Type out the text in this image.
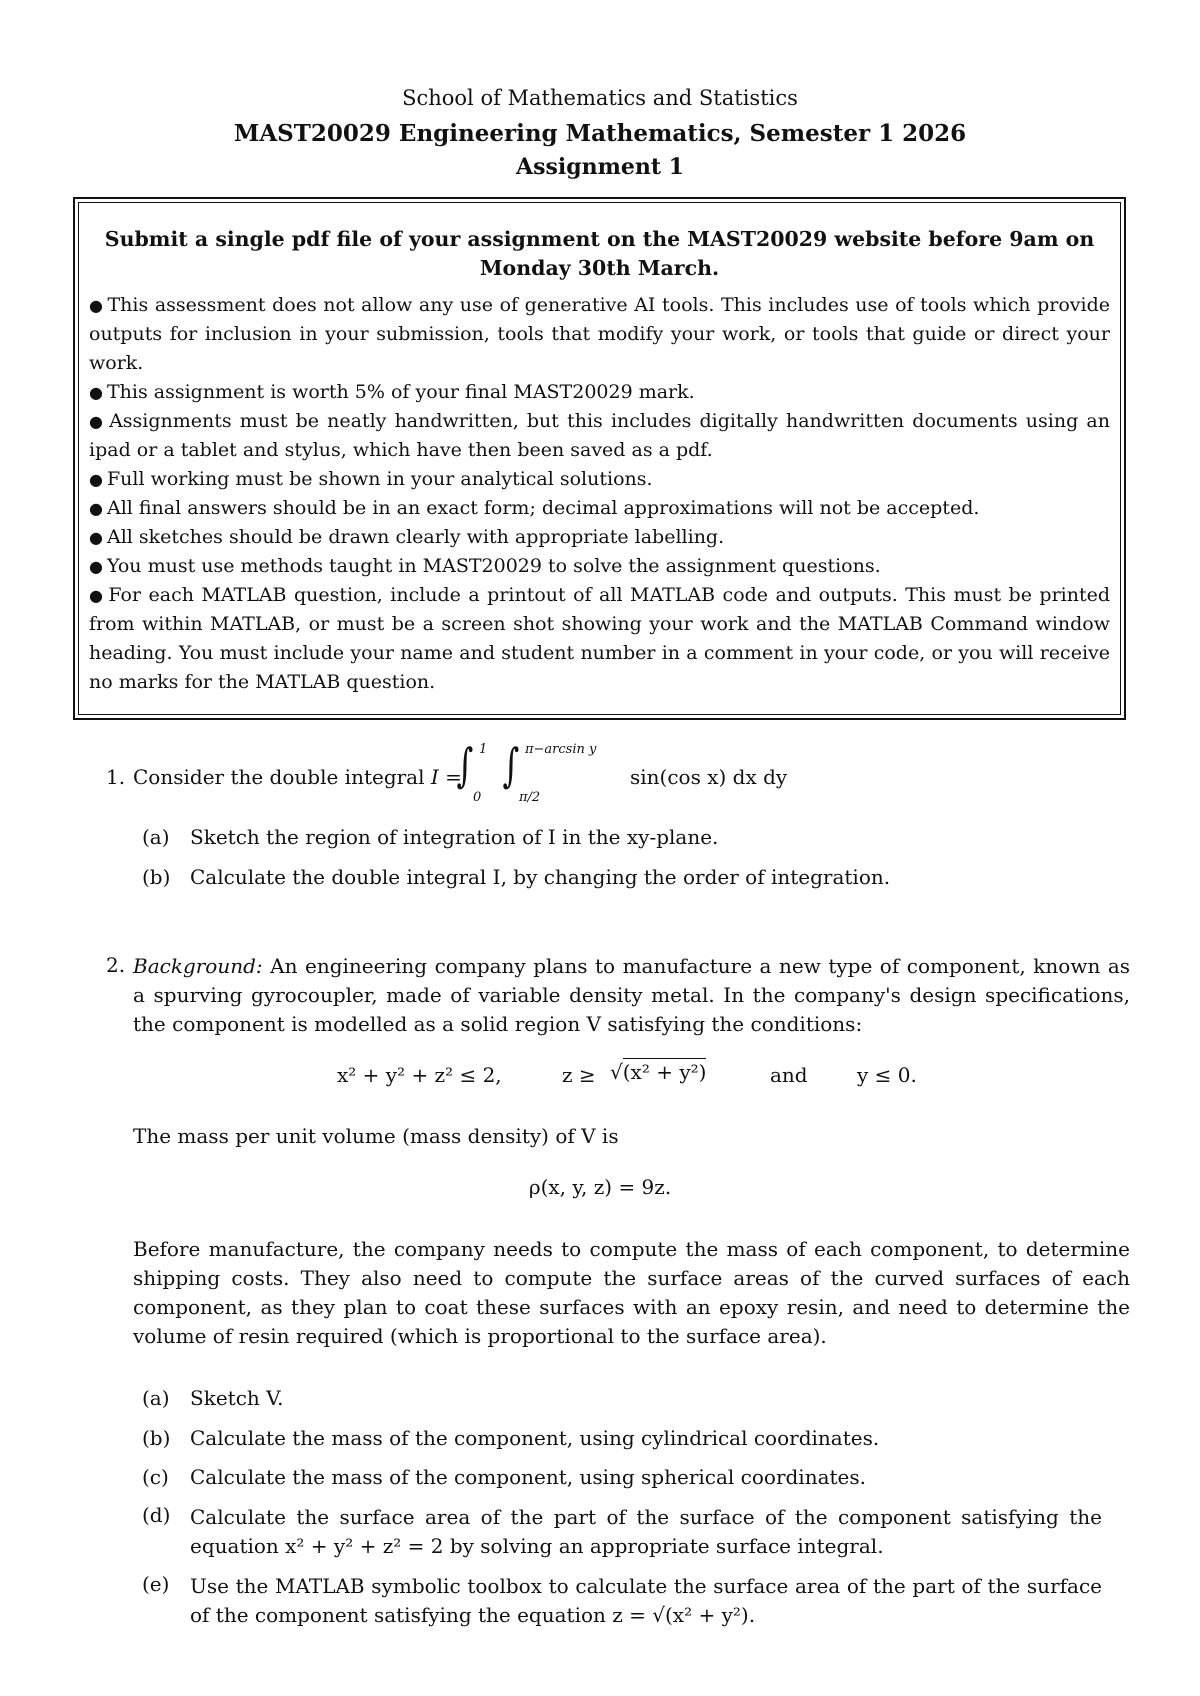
School of Mathematics and Statistics
MAST20029 Engineering Mathematics, Semester 1 2026
Assignment 1
Submit a single pdf file of your assignment on the MAST20029 website before 9am on Monday 30th March.
● This assessment does not allow any use of generative AI tools. This includes use of tools which provide outputs for inclusion in your submission, tools that modify your work, or tools that guide or direct your work.
● This assignment is worth 5% of your final MAST20029 mark.
● Assignments must be neatly handwritten, but this includes digitally handwritten documents using an ipad or a tablet and stylus, which have then been saved as a pdf.
● Full working must be shown in your analytical solutions.
● All final answers should be in an exact form; decimal approximations will not be accepted.
● All sketches should be drawn clearly with appropriate labelling.
● You must use methods taught in MAST20029 to solve the assignment questions.
● For each MATLAB question, include a printout of all MATLAB code and outputs. This must be printed from within MATLAB, or must be a screen shot showing your work and the MATLAB Command window heading. You must include your name and student number in a comment in your code, or you will receive no marks for the MATLAB question.
1. Consider the double integral I =
∫ 1
0
∫ π−arcsin y
π/2
sin(cos x) dx dy
(a) Sketch the region of integration of I in the xy-plane.
(b) Calculate the double integral I, by changing the order of integration.
2. Background: An engineering company plans to manufacture a new type of component, known as a spurving gyrocoupler, made of variable density metal. In the company's design specifications, the component is modelled as a solid region V satisfying the conditions:
x² + y² + z² ≤ 2,	z ≥ √(x² + y²)	and y ≤ 0.
The mass per unit volume (mass density) of V is
ρ(x, y, z) = 9z.
Before manufacture, the company needs to compute the mass of each component, to determine shipping costs. They also need to compute the surface areas of the curved surfaces of each component, as they plan to coat these surfaces with an epoxy resin, and need to determine the volume of resin required (which is proportional to the surface area).
(a) Sketch V.
(b) Calculate the mass of the component, using cylindrical coordinates.
(c) Calculate the mass of the component, using spherical coordinates.
(d) Calculate the surface area of the part of the surface of the component satisfying the equation x² + y² + z² = 2 by solving an appropriate surface integral.
(e)	Use the MATLAB symbolic toolbox to calculate the surface area of the part of the surface of the component satisfying the equation z = √(x² + y²).
